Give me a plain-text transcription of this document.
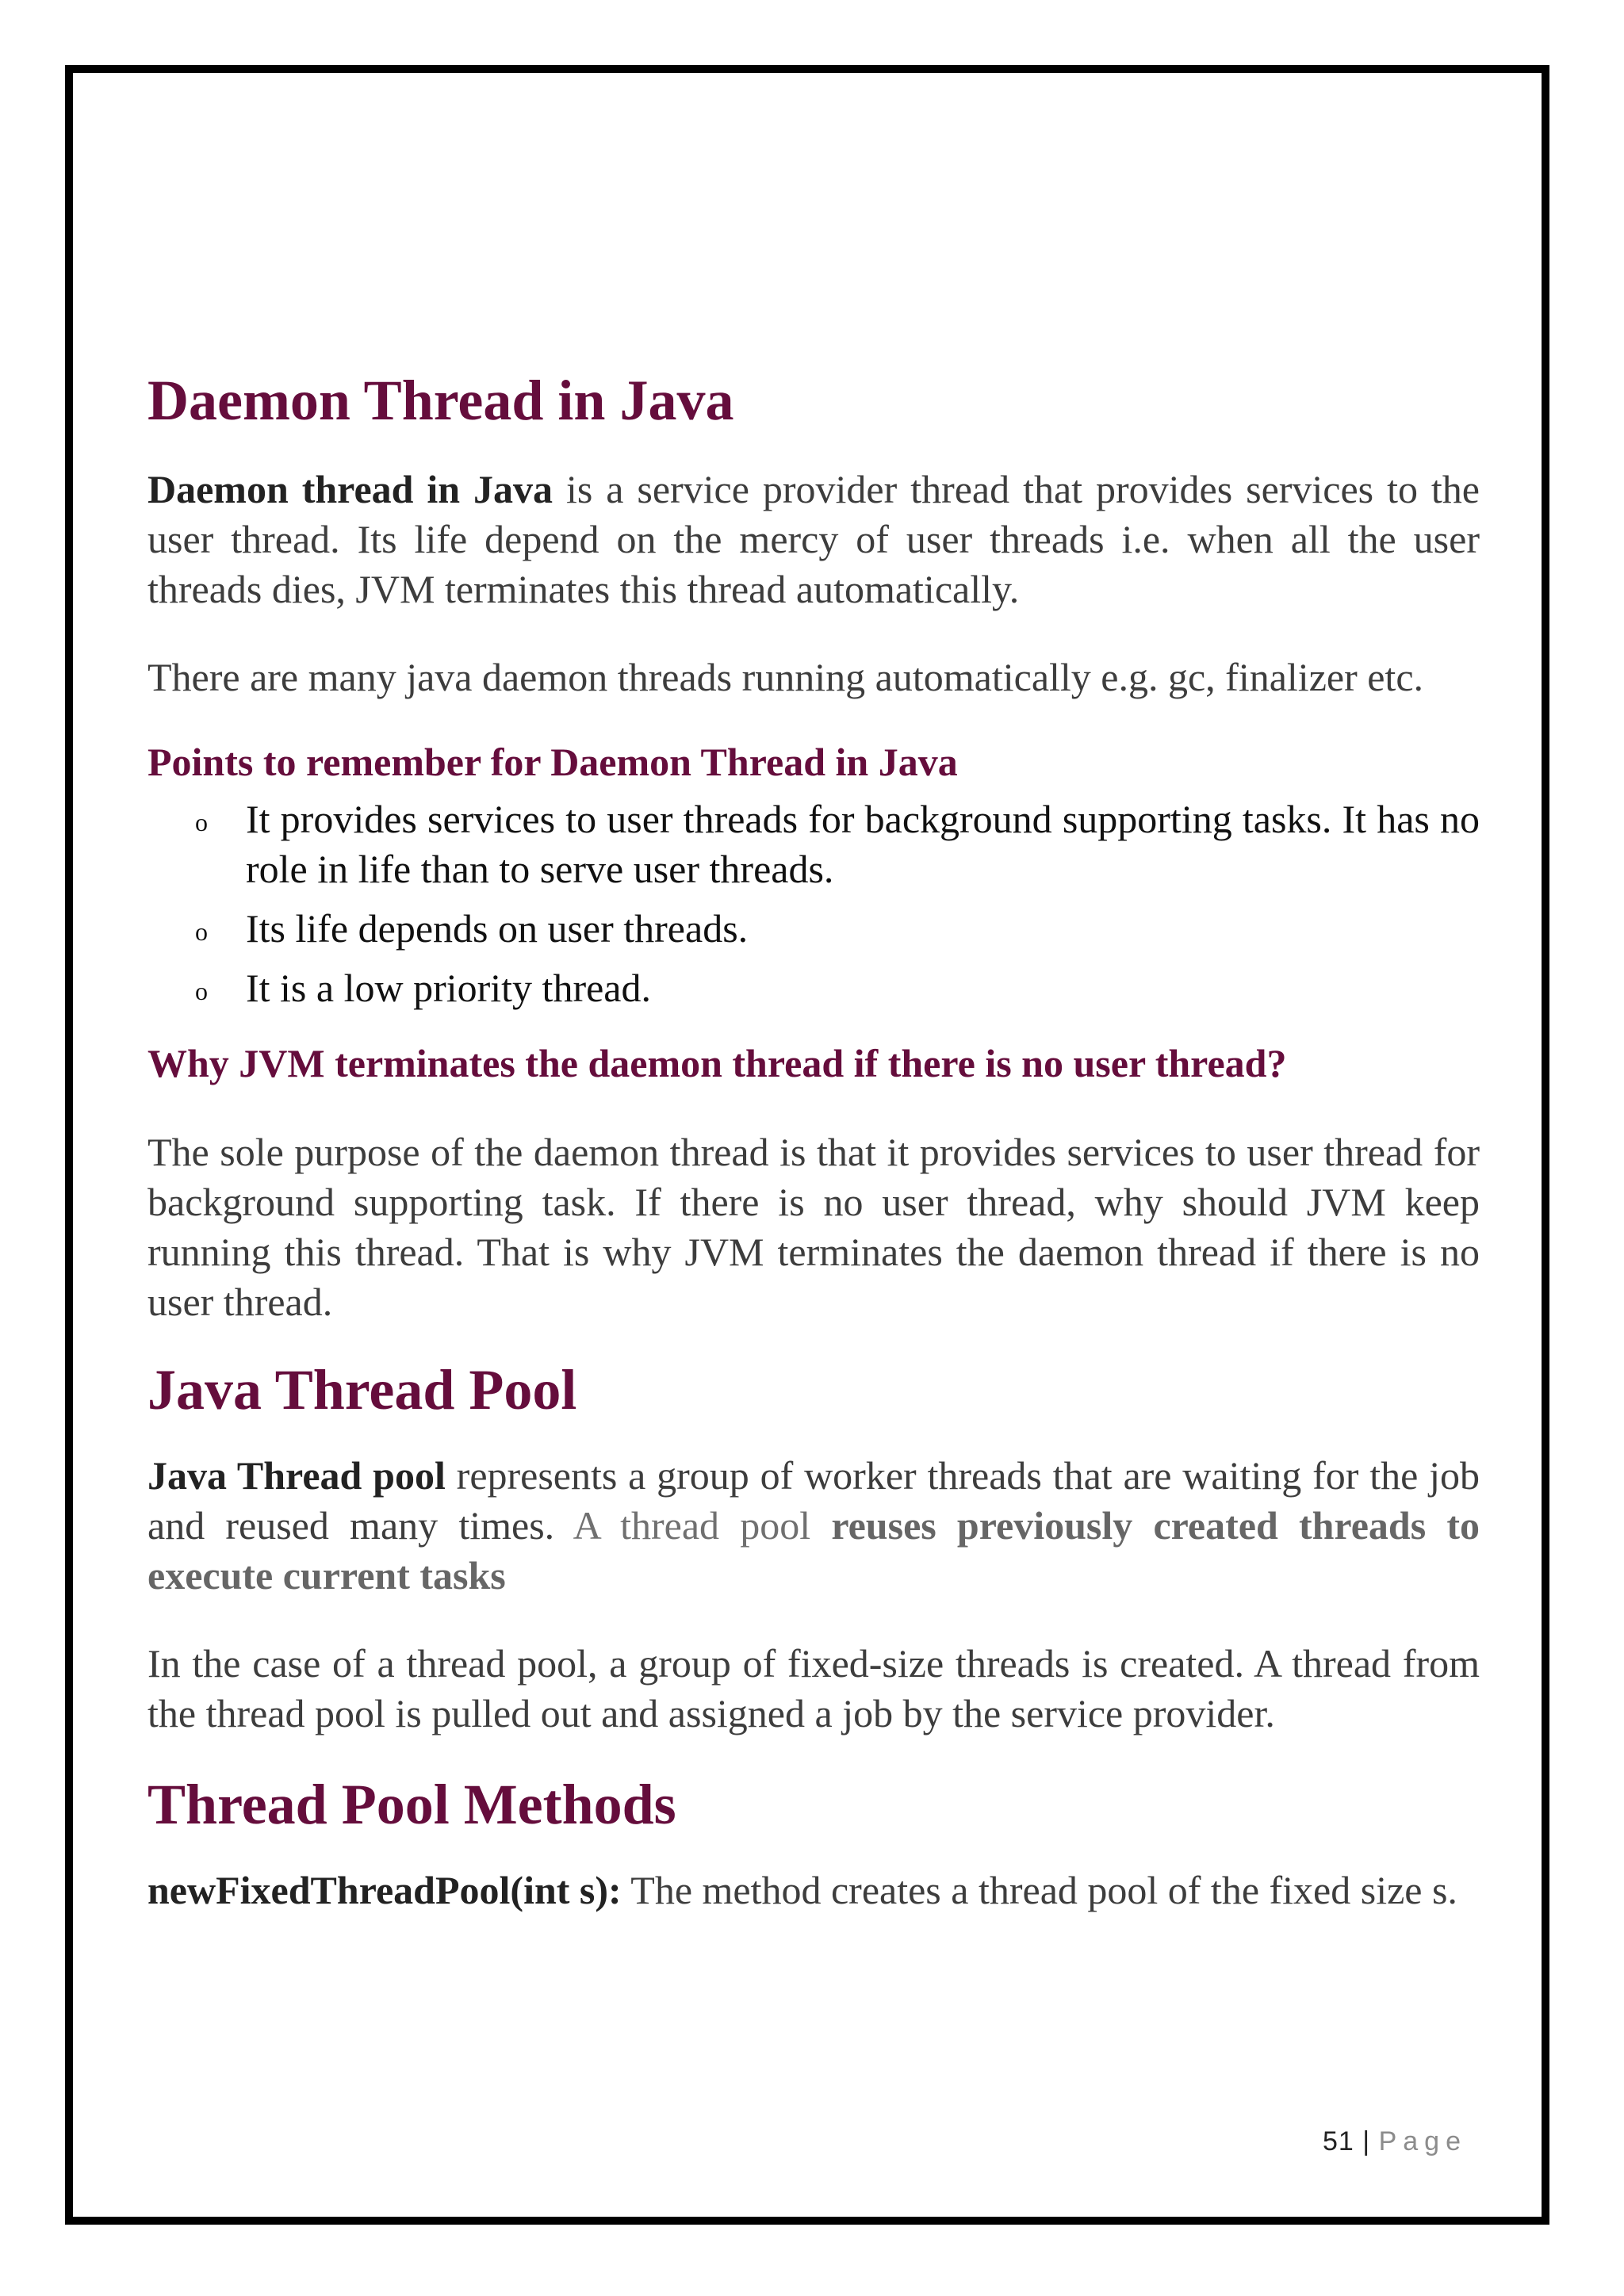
Daemon Thread in Java

Daemon thread in Java is a service provider thread that provides services to the user thread. Its life depend on the mercy of user threads i.e. when all the user threads dies, JVM terminates this thread automatically.

There are many java daemon threads running automatically e.g. gc, finalizer etc.

Points to remember for Daemon Thread in Java
o It provides services to user threads for background supporting tasks. It has no role in life than to serve user threads.
o Its life depends on user threads.
o It is a low priority thread.
Why JVM terminates the daemon thread if there is no user thread?

The sole purpose of the daemon thread is that it provides services to user thread for background supporting task. If there is no user thread, why should JVM keep running this thread. That is why JVM terminates the daemon thread if there is no user thread.

Java Thread Pool

Java Thread pool represents a group of worker threads that are waiting for the job and reused many times. A thread pool reuses previously created threads to execute current tasks

In the case of a thread pool, a group of fixed-size threads is created. A thread from the thread pool is pulled out and assigned a job by the service provider.

Thread Pool Methods

newFixedThreadPool(int s): The method creates a thread pool of the fixed size s.

51 | Page
